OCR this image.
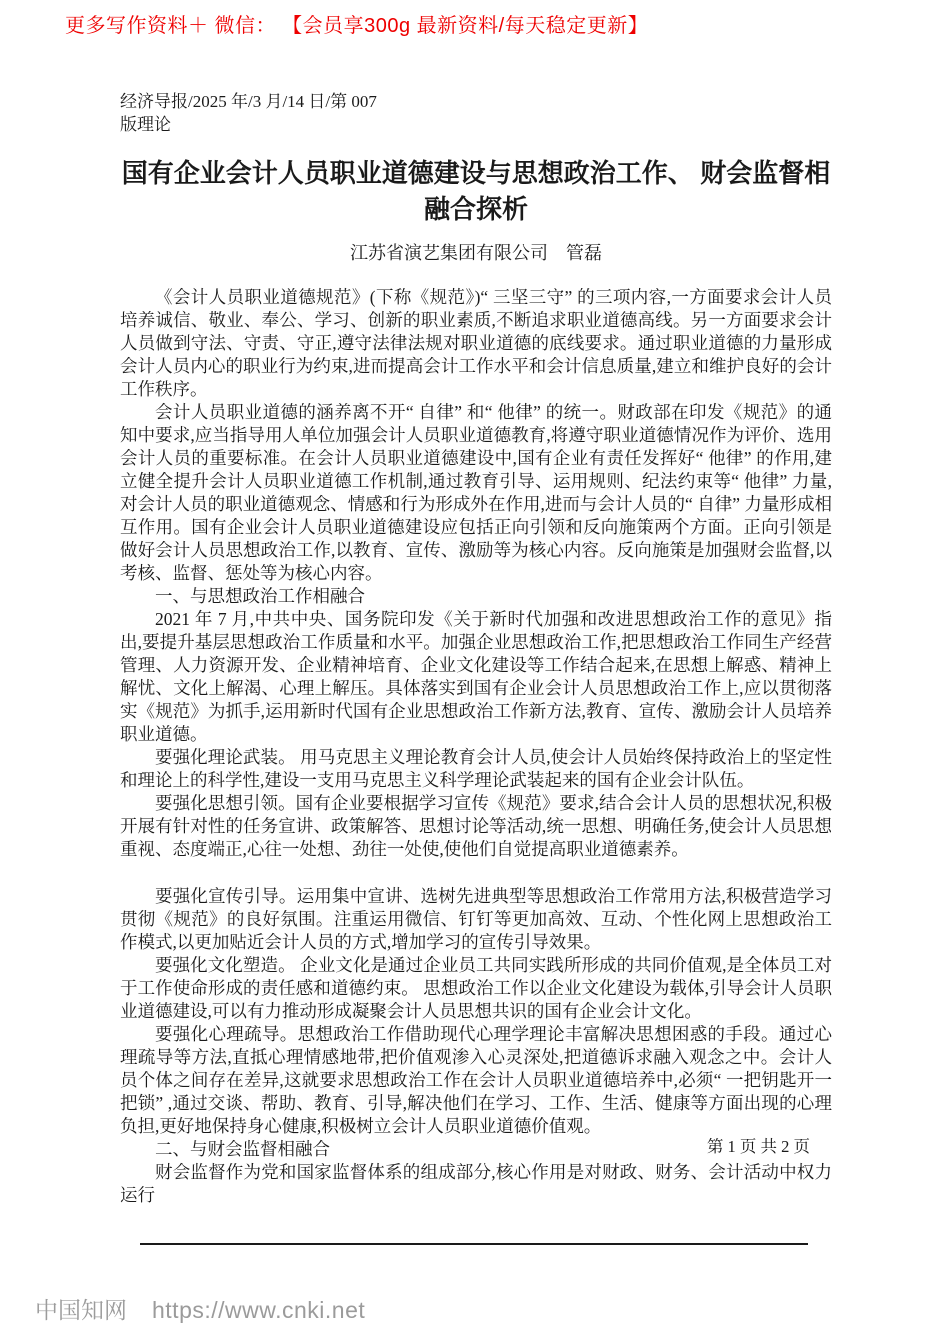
更多写作资料＋ 微信： 【会员享300g 最新资料/每天稳定更新】
经济导报/2025 年/3 月/14 日/第 007
版理论
国有企业会计人员职业道德建设与思想政治工作、 财会监督相融合探析
江苏省演艺集团有限公司　管磊

《会计人员职业道德规范》(下称《规范》)“ 三坚三守” 的三项内容,一方面要求会计人员培养诚信、敬业、奉公、学习、创新的职业素质,不断追求职业道德高线。另一方面要求会计人员做到守法、守责、守正,遵守法律法规对职业道德的底线要求。通过职业道德的力量形成会计人员内心的职业行为约束,进而提高会计工作水平和会计信息质量,建立和维护良好的会计工作秩序。

会计人员职业道德的涵养离不开“ 自律” 和“ 他律” 的统一。财政部在印发《规范》的通知中要求,应当指导用人单位加强会计人员职业道德教育,将遵守职业道德情况作为评价、选用会计人员的重要标准。在会计人员职业道德建设中,国有企业有责任发挥好“ 他律” 的作用,建立健全提升会计人员职业道德工作机制,通过教育引导、运用规则、纪法约束等“ 他律” 力量,对会计人员的职业道德观念、情感和行为形成外在作用,进而与会计人员的“ 自律” 力量形成相互作用。国有企业会计人员职业道德建设应包括正向引领和反向施策两个方面。正向引领是做好会计人员思想政治工作,以教育、宣传、激励等为核心内容。反向施策是加强财会监督,以考核、监督、惩处等为核心内容。

一、与思想政治工作相融合

2021 年 7 月,中共中央、国务院印发《关于新时代加强和改进思想政治工作的意见》指出,要提升基层思想政治工作质量和水平。加强企业思想政治工作,把思想政治工作同生产经营管理、人力资源开发、企业精神培育、企业文化建设等工作结合起来,在思想上解惑、精神上解忧、文化上解渴、心理上解压。具体落实到国有企业会计人员思想政治工作上,应以贯彻落实《规范》为抓手,运用新时代国有企业思想政治工作新方法,教育、宣传、激励会计人员培养职业道德。

要强化理论武装。 用马克思主义理论教育会计人员,使会计人员始终保持政治上的坚定性和理论上的科学性,建设一支用马克思主义科学理论武装起来的国有企业会计队伍。

要强化思想引领。国有企业要根据学习宣传《规范》要求,结合会计人员的思想状况,积极开展有针对性的任务宣讲、政策解答、思想讨论等活动,统一思想、明确任务,使会计人员思想重视、态度端正,心往一处想、劲往一处使,使他们自觉提高职业道德素养。

要强化宣传引导。运用集中宣讲、选树先进典型等思想政治工作常用方法,积极营造学习贯彻《规范》的良好氛围。注重运用微信、钉钉等更加高效、互动、个性化网上思想政治工作模式,以更加贴近会计人员的方式,增加学习的宣传引导效果。

要强化文化塑造。 企业文化是通过企业员工共同实践所形成的共同价值观,是全体员工对于工作使命形成的责任感和道德约束。 思想政治工作以企业文化建设为载体,引导会计人员职业道德建设,可以有力推动形成凝聚会计人员思想共识的国有企业会计文化。

要强化心理疏导。思想政治工作借助现代心理学理论丰富解决思想困惑的手段。通过心理疏导等方法,直抵心理情感地带,把价值观渗入心灵深处,把道德诉求融入观念之中。会计人员个体之间存在差异,这就要求思想政治工作在会计人员职业道德培养中,必须“ 一把钥匙开一把锁” ,通过交谈、帮助、教育、引导,解决他们在学习、工作、生活、健康等方面出现的心理负担,更好地保持身心健康,积极树立会计人员职业道德价值观。

二、与财会监督相融合

财会监督作为党和国家监督体系的组成部分,核心作用是对财政、财务、会计活动中权力运行

第 1 页 共 2 页
中国知网 https://www.cnki.net
